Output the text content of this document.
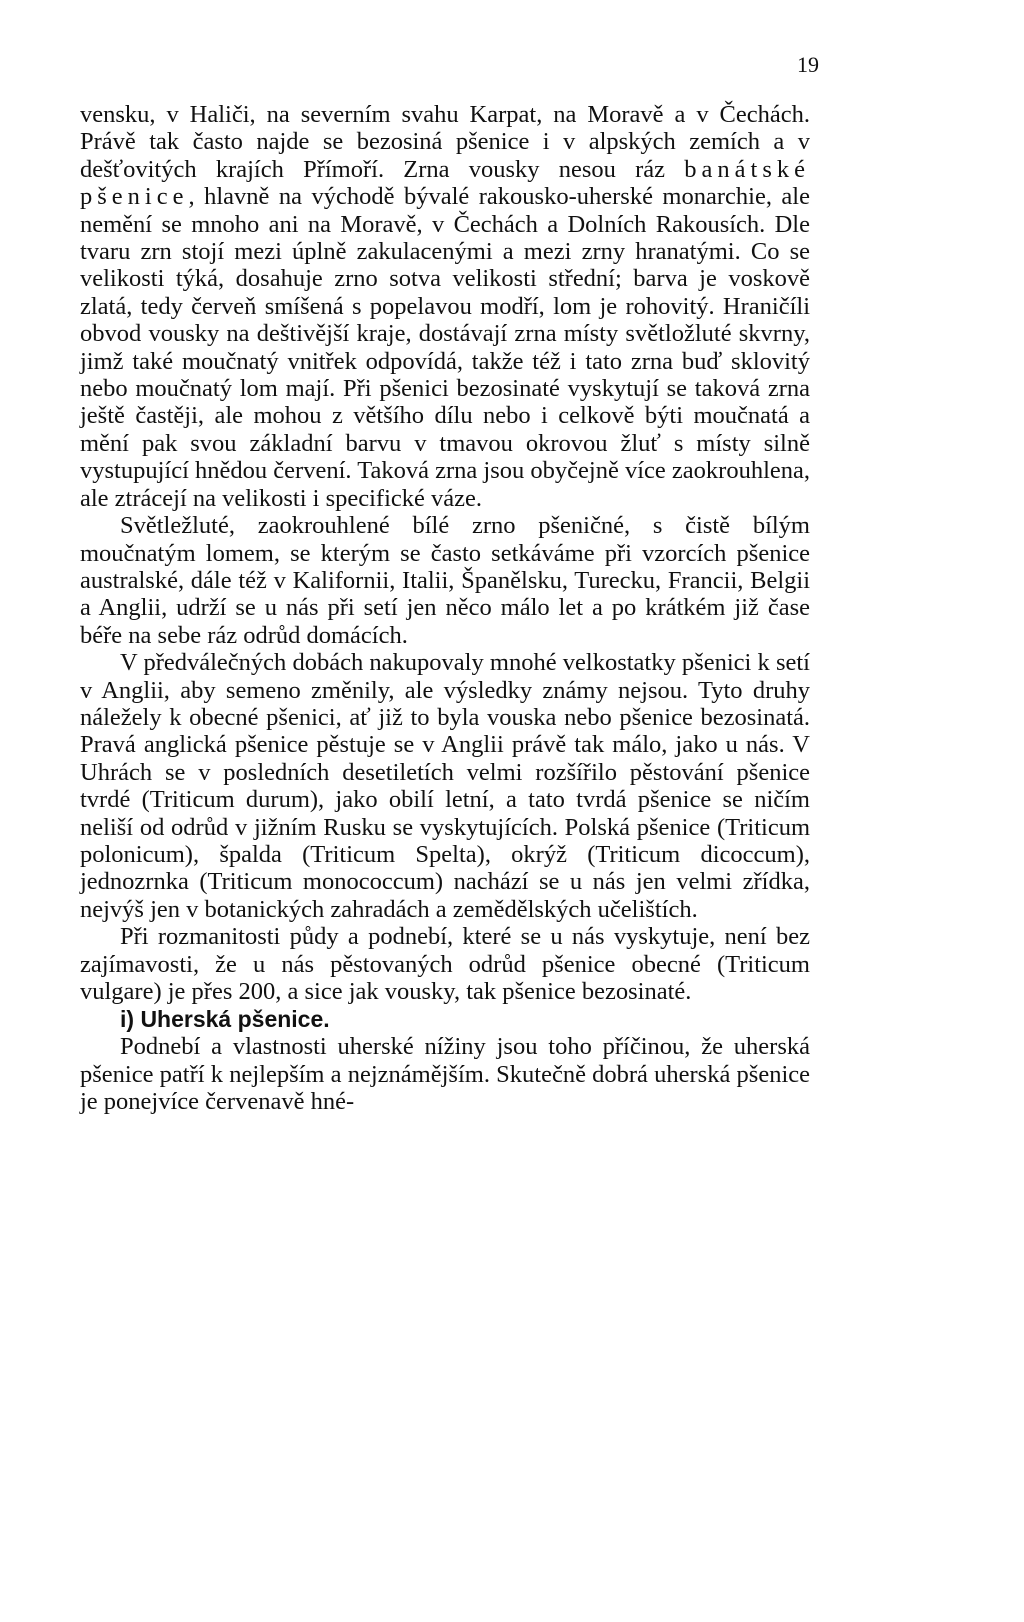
19

vensku, v Haliči, na severním svahu Karpat, na Moravě a v Čechách. Právě tak často najde se bezosiná pšenice i v alpských zemích a v dešťovitých krajích Přímoří. Zrna vousky nesou ráz banátské pšenice, hlavně na východě bývalé rakousko-uherské monarchie, ale nemění se mnoho ani na Moravě, v Čechách a Dolních Rakousích. Dle tvaru zrn stojí mezi úplně zakulacenými a mezi zrny hranatými. Co se velikosti týká, dosahuje zrno sotva velikosti střední; barva je voskově zlatá, tedy červeň smíšená s popelavou modří, lom je rohovitý. Hraničíli obvod vousky na deštivější kraje, dostávají zrna místy světložluté skvrny, jimž také moučnatý vnitřek odpovídá, takže též i tato zrna buď sklovitý nebo moučnatý lom mají. Při pšenici bezosinaté vyskytují se taková zrna ještě častěji, ale mohou z většího dílu nebo i celkově býti moučnatá a mění pak svou základní barvu v tmavou okrovou žluť s místy silně vystupující hnědou červení. Taková zrna jsou obyčejně více zaokrouhlena, ale ztrácejí na velikosti i specifické váze.

Světležluté, zaokrouhlené bílé zrno pšeničné, s čistě bílým moučnatým lomem, se kterým se často setkáváme při vzorcích pšenice australské, dále též v Kalifornii, Italii, Španělsku, Turecku, Francii, Belgii a Anglii, udrží se u nás při setí jen něco málo let a po krátkém již čase béře na sebe ráz odrůd domácích.

V předválečných dobách nakupovaly mnohé velkostatky pšenici k setí v Anglii, aby semeno změnily, ale výsledky známy nejsou. Tyto druhy náležely k obecné pšenici, ať již to byla vouska nebo pšenice bezosinatá. Pravá anglická pšenice pěstuje se v Anglii právě tak málo, jako u nás. V Uhrách se v posledních desetiletích velmi rozšířilo pěstování pšenice tvrdé (Triticum durum), jako obilí letní, a tato tvrdá pšenice se ničím neliší od odrůd v jižním Rusku se vyskytujících. Polská pšenice (Triticum polonicum), špalda (Triticum Spelta), okrýž (Triticum dicoccum), jednozrnka (Triticum monococcum) nachází se u nás jen velmi zřídka, nejvýš jen v botanických zahradách a zemědělských učelištích.

Při rozmanitosti půdy a podnebí, které se u nás vyskytuje, není bez zajímavosti, že u nás pěstovaných odrůd pšenice obecné (Triticum vulgare) je přes 200, a sice jak vousky, tak pšenice bezosinaté.

i) Uherská pšenice.

Podnebí a vlastnosti uherské nížiny jsou toho příčinou, že uherská pšenice patří k nejlepším a nejznámějším. Skutečně dobrá uherská pšenice je ponejvíce červenavě hné-
